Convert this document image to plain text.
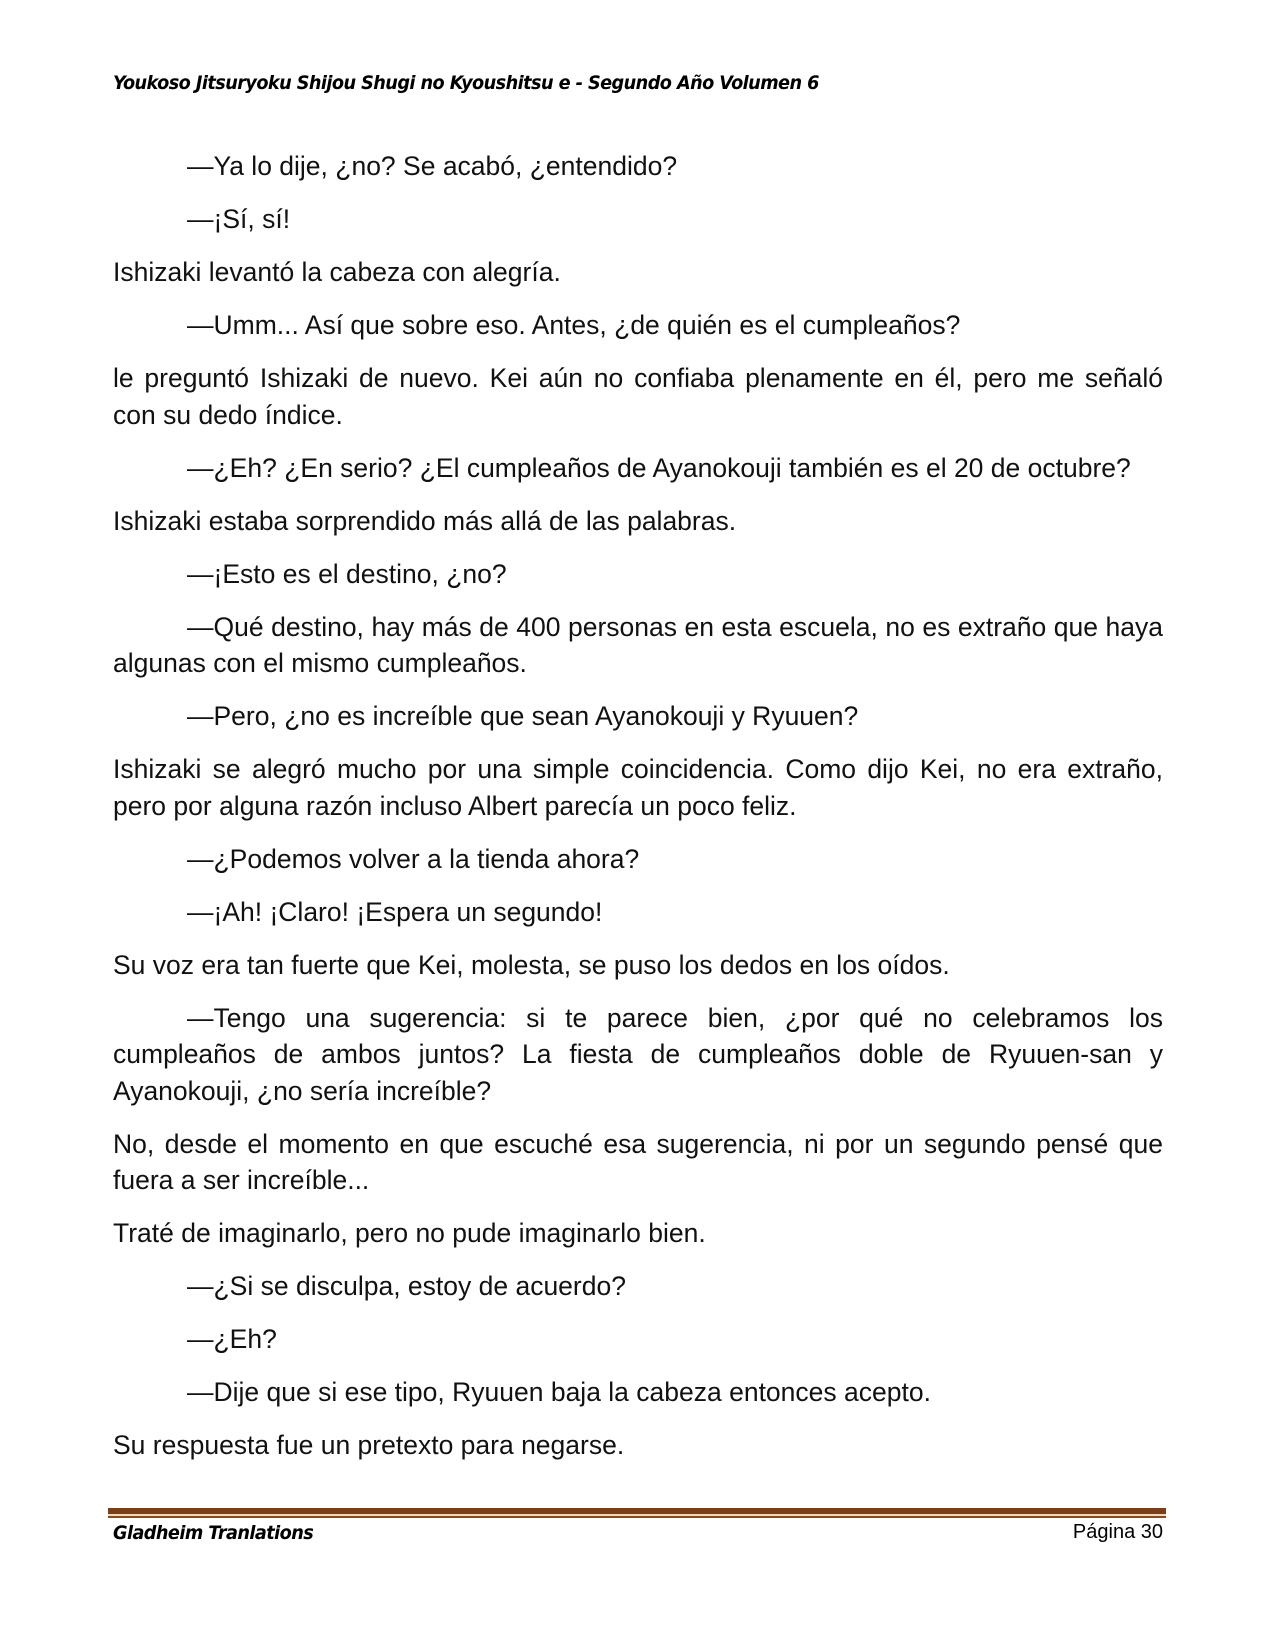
Youkoso Jitsuryoku Shijou Shugi no Kyoushitsu e - Segundo Año Volumen 6

—Ya lo dije, ¿no? Se acabó, ¿entendido?

—¡Sí, sí!

Ishizaki levantó la cabeza con alegría.

—Umm... Así que sobre eso. Antes, ¿de quién es el cumpleaños?

le preguntó Ishizaki de nuevo. Kei aún no confiaba plenamente en él, pero me señaló con su dedo índice.

—¿Eh? ¿En serio? ¿El cumpleaños de Ayanokouji también es el 20 de octubre?

Ishizaki estaba sorprendido más allá de las palabras.

—¡Esto es el destino, ¿no?

—Qué destino, hay más de 400 personas en esta escuela, no es extraño que haya algunas con el mismo cumpleaños.

—Pero, ¿no es increíble que sean Ayanokouji y Ryuuen?

Ishizaki se alegró mucho por una simple coincidencia. Como dijo Kei, no era extraño, pero por alguna razón incluso Albert parecía un poco feliz.

—¿Podemos volver a la tienda ahora?

—¡Ah! ¡Claro! ¡Espera un segundo!

Su voz era tan fuerte que Kei, molesta, se puso los dedos en los oídos.

—Tengo una sugerencia: si te parece bien, ¿por qué no celebramos los cumpleaños de ambos juntos? La fiesta de cumpleaños doble de Ryuuen-san y Ayanokouji, ¿no sería increíble?

No, desde el momento en que escuché esa sugerencia, ni por un segundo pensé que fuera a ser increíble...

Traté de imaginarlo, pero no pude imaginarlo bien.

—¿Si se disculpa, estoy de acuerdo?

—¿Eh?

—Dije que si ese tipo, Ryuuen baja la cabeza entonces acepto.

Su respuesta fue un pretexto para negarse.

Gladheim Tranlations	Página 30
